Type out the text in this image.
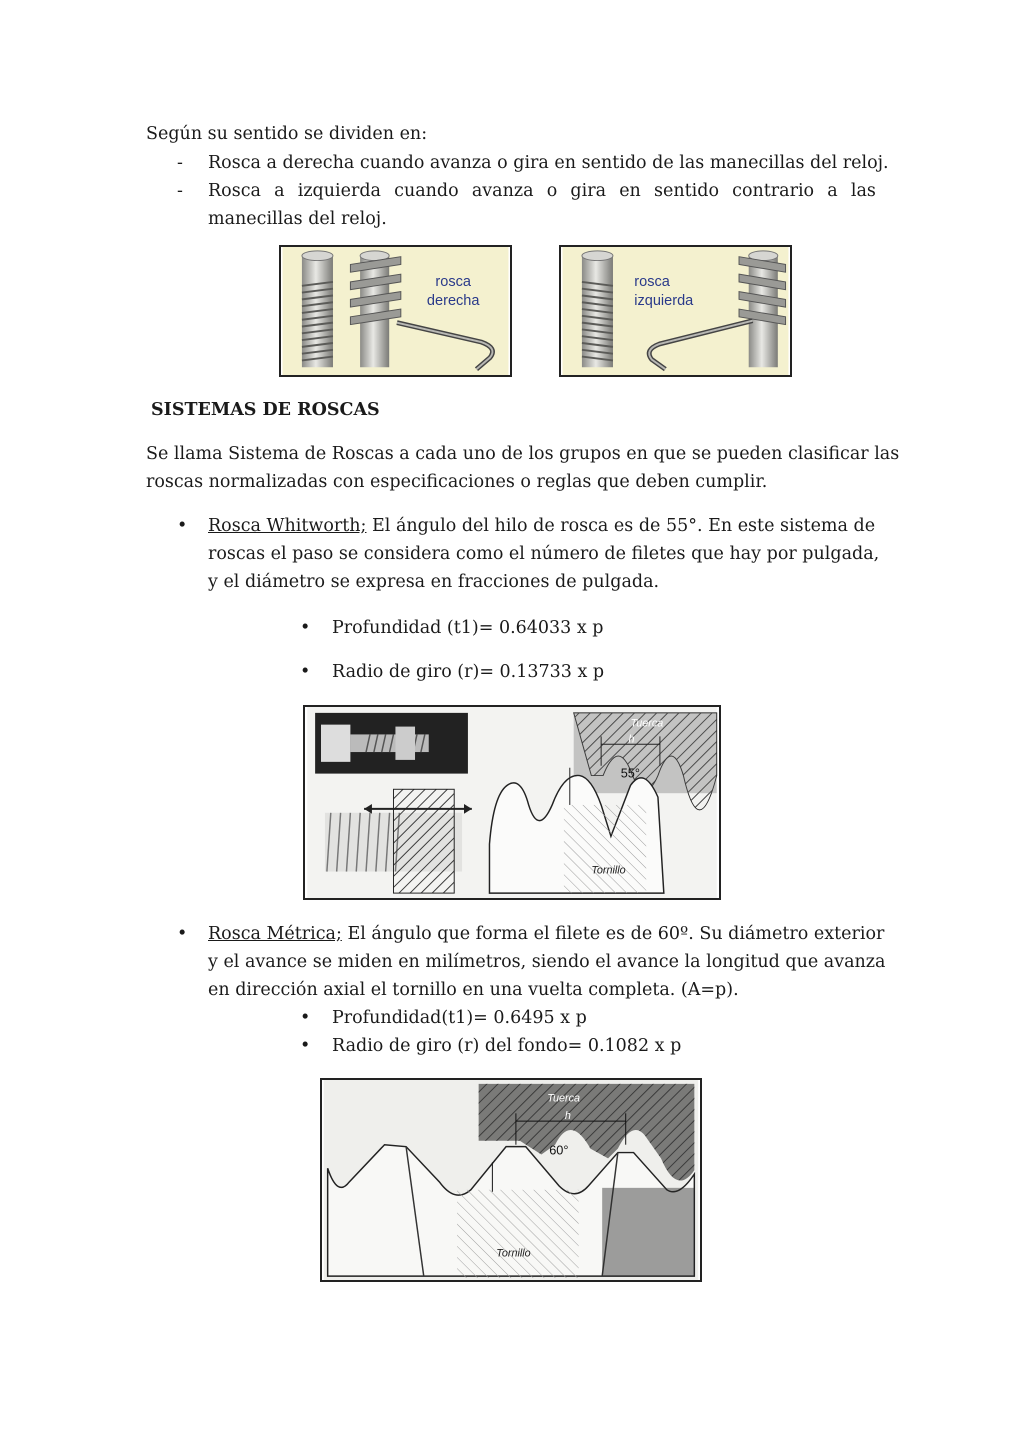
Según su sentido se dividen en:
- Rosca a derecha cuando avanza o gira en sentido de las manecillas del reloj.
- Rosca a izquierda cuando avanza o gira en sentido contrario a las
manecillas del reloj.
rosca
derecha
rosca
izquierda
SISTEMAS DE ROSCAS
Se llama Sistema de Roscas a cada uno de los grupos en que se pueden clasificar las
roscas normalizadas con especificaciones o reglas que deben cumplir.
• Rosca Whitworth; El ángulo del hilo de rosca es de 55°. En este sistema de
roscas el paso se considera como el número de filetes que hay por pulgada,
y el diámetro se expresa en fracciones de pulgada.
• Profundidad (t1)= 0.64033 x p
• Radio de giro (r)= 0.13733 x p
Tuerca
h
55°
Tornillo
• Rosca Métrica; El ángulo que forma el filete es de 60º. Su diámetro exterior
y el avance se miden en milímetros, siendo el avance la longitud que avanza
en dirección axial el tornillo en una vuelta completa. (A=p).
• Profundidad(t1)= 0.6495 x p
• Radio de giro (r) del fondo= 0.1082 x p
Tuerca
h
60°
Tornillo
